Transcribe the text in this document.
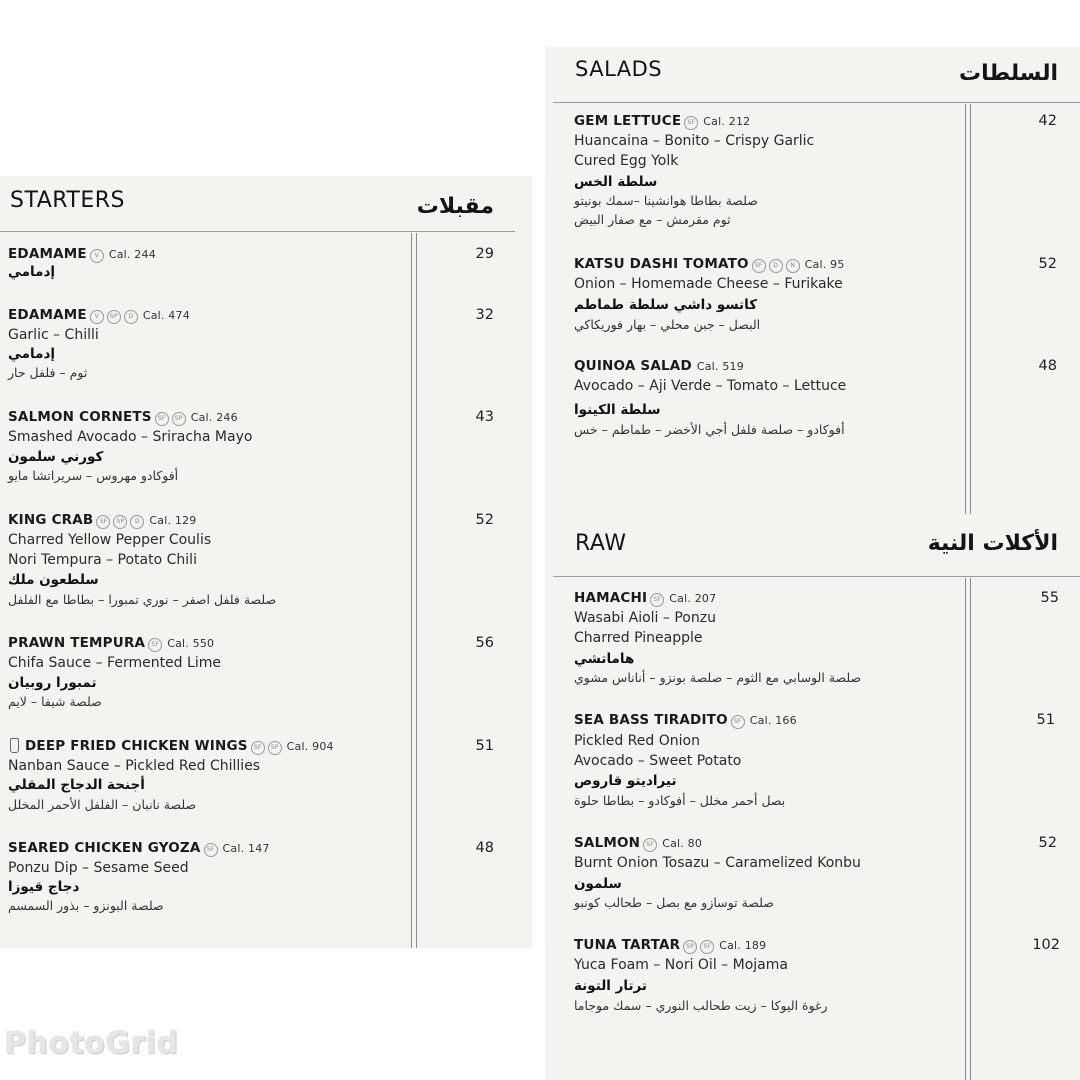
STARTERS	مقبلات
EDAMAME V Cal. 244
إدمامي
29
EDAMAME V SP D Cal. 474
Garlic – Chilli
إدمامي
ثوم – فلفل حار
32
SALMON CORNETS SF SP Cal. 246
Smashed Avocado – Sriracha Mayo
كورني سلمون
أفوكادو مهروس – سريراتشا مايو
43
KING CRAB SF SP D Cal. 129
Charred Yellow Pepper Coulis
Nori Tempura – Potato Chili
سلطعون ملك
صلصة فلفل اصفر – نوري تمبورا – بطاطا مع الفلفل
52
PRAWN TEMPURA SF Cal. 550
Chifa Sauce – Fermented Lime
تمبورا روبيان
صلصة شيفا – لايم
56
DEEP FRIED CHICKEN WINGS SF SP Cal. 904
Nanban Sauce – Pickled Red Chillies
أجنحة الدجاج المقلي
صلصة نانبان – الفلفل الأحمر المخلل
51
SEARED CHICKEN GYOZA SF Cal. 147
Ponzu Dip – Sesame Seed
دجاج قيوزا
صلصة البونزو – بذور السمسم
48
SALADS	السلطات
GEM LETTUCE SF Cal. 212
Huancaina – Bonito – Crispy Garlic
Cured Egg Yolk
سلطة الخس
صلصة بطاطا هوانشينا –سمك بونيتو
ثوم مقرمش – مع صفار البيض
42
KATSU DASHI TOMATO SF D N Cal. 95
Onion – Homemade Cheese – Furikake
كاتسو داشي سلطة طماطم
البصل – جبن محلي – بهار فوريكاكي
52
QUINOA SALAD Cal. 519
Avocado – Aji Verde – Tomato – Lettuce
سلطة الكينوا
أفوكادو – صلصة فلفل أجي الأخضر – طماطم – خس
48
RAW	الأكلات النية
HAMACHI SF Cal. 207
Wasabi Aioli – Ponzu
Charred Pineapple
هاماتشي
صلصة الوسابي مع الثوم – صلصة بونزو – أناناس مشوي
55
SEA BASS TIRADITO SF Cal. 166
Pickled Red Onion
Avocado – Sweet Potato
تيراديتو قاروص
بصل أحمر مخلل – أفوكادو – بطاطا حلوة
51
SALMON SF Cal. 80
Burnt Onion Tosazu – Caramelized Konbu
سلمون
صلصة توسازو مع بصل – طحالب كونبو
52
TUNA TARTAR SP SF Cal. 189
Yuca Foam – Nori Oil – Mojama
ترتار التونة
رغوة اليوكا – زيت طحالب النوري – سمك موجاما
102
PhotoGrid
